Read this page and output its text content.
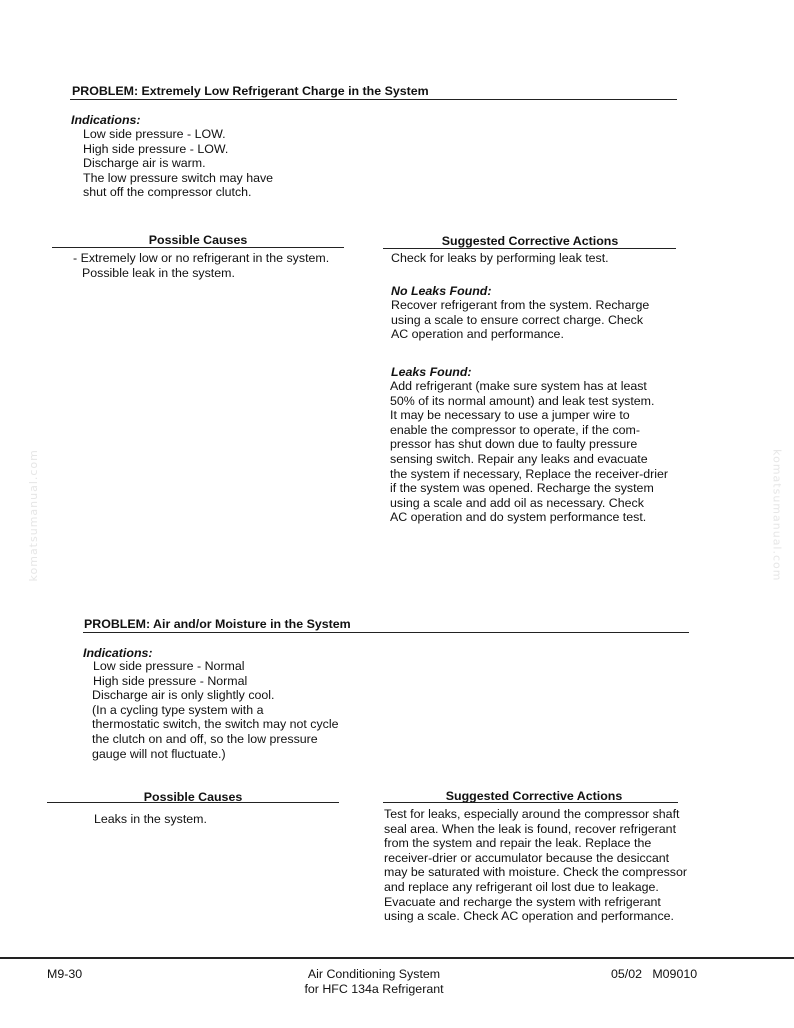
komatsumanual.com	komatsumanual.com
PROBLEM: Extremely Low Refrigerant Charge in the System
Indications:
Low side pressure - LOW.
High side pressure - LOW.
Discharge air is warm.
The low pressure switch may have
shut off the compressor clutch.
Possible Causes
- Extremely low or no refrigerant in the system.
Possible leak in the system.
Suggested Corrective Actions
Check for leaks by performing leak test.
No Leaks Found:
Recover refrigerant from the system. Recharge
using a scale to ensure correct charge. Check
AC operation and performance.
Leaks Found:
Add refrigerant (make sure system has at least
50% of its normal amount) and leak test system.
It may be necessary to use a jumper wire to
enable the compressor to operate, if the com-
pressor has shut down due to faulty pressure
sensing switch. Repair any leaks and evacuate
the system if necessary, Replace the receiver-drier
if the system was opened. Recharge the system
using a scale and add oil as necessary. Check
AC operation and do system performance test.
PROBLEM: Air and/or Moisture in the System
Indications:
Low side pressure - Normal
High side pressure - Normal
Discharge air is only slightly cool.
(In a cycling type system with a
thermostatic switch, the switch may not cycle
the clutch on and off, so the low pressure
gauge will not fluctuate.)
Possible Causes
Leaks in the system.
Suggested Corrective Actions
Test for leaks, especially around the compressor shaft
seal area. When the leak is found, recover refrigerant
from the system and repair the leak. Replace the
receiver-drier or accumulator because the desiccant
may be saturated with moisture. Check the compressor
and replace any refrigerant oil lost due to leakage.
Evacuate and recharge the system with refrigerant
using a scale. Check AC operation and performance.
M9-30	Air Conditioning System
for HFC 134a Refrigerant
05/02   M09010
